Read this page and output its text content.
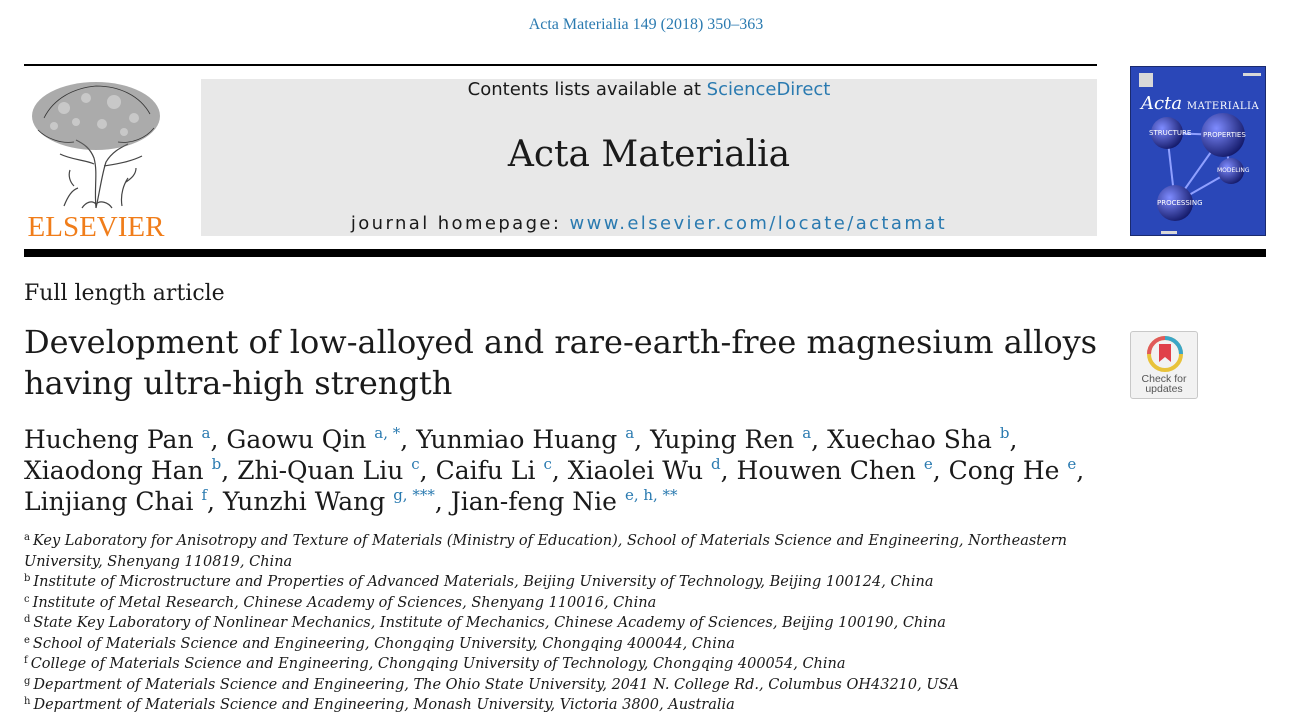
Acta Materialia 149 (2018) 350–363
ELSEVIER
Contents lists available at ScienceDirect
Acta Materialia
journal homepage: www.elsevier.com/locate/actamat
Acta MATERIALIA
STRUCTURE PROPERTIES
MODELING
PROCESSING
Full length article
Development of low-alloyed and rare-earth-free magnesium alloys having ultra-high strength	Check for
updates
Hucheng Pan $^a$, Gaowu Qin $^{a, *}$, Yunmiao Huang $^a$, Yuping Ren $^a$, Xuechao Sha $^b$, Xiaodong Han $^b$, Zhi-Quan Liu $^c$, Caifu Li $^c$, Xiaolei Wu $^d$, Houwen Chen $^e$, Cong He $^e$, Linjiang Chai $^f$, Yunzhi Wang $^{g, ***}$, Jian-feng Nie $^{e, h, **}$
$^a$ Key Laboratory for Anisotropy and Texture of Materials (Ministry of Education), School of Materials Science and Engineering, Northeastern University, Shenyang 110819, China
$^b$ Institute of Microstructure and Properties of Advanced Materials, Beijing University of Technology, Beijing 100124, China
$^c$ Institute of Metal Research, Chinese Academy of Sciences, Shenyang 110016, China
$^d$ State Key Laboratory of Nonlinear Mechanics, Institute of Mechanics, Chinese Academy of Sciences, Beijing 100190, China
$^e$ School of Materials Science and Engineering, Chongqing University, Chongqing 400044, China
$^f$ College of Materials Science and Engineering, Chongqing University of Technology, Chongqing 400054, China
$^g$ Department of Materials Science and Engineering, The Ohio State University, 2041 N. College Rd., Columbus OH43210, USA
$^h$ Department of Materials Science and Engineering, Monash University, Victoria 3800, Australia
